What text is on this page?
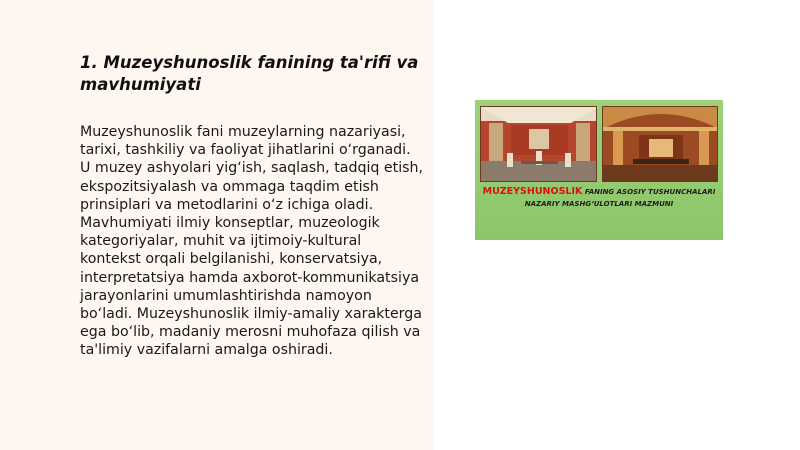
1. Muzeyshunoslik fanining ta'rifi va mavhumiyati

Muzeyshunoslik fani muzeylarning nazariyasi, tarixi, tashkiliy va faoliyat jihatlarini o‘rganadi. U muzey ashyolari yig‘ish, saqlash, tadqiq etish, ekspozitsiyalash va ommaga taqdim etish prinsiplari va metodlarini o‘z ichiga oladi. Mavhumiyati ilmiy konseptlar, muzeologik kategoriyalar, muhit va ijtimoiy-kultural kontekst orqali belgilanishi, konservatsiya, interpretatsiya hamda axborot-kommunikatsiya jarayonlarini umumlashtirishda namoyon bo‘ladi. Muzeyshunoslik ilmiy-amaliy xarakterga ega bo‘lib, madaniy merosni muhofaza qilish va ta'limiy vazifalarni amalga oshiradi.

MUZEYSHUNOSLIK FANING ASOSIY TUSHUNCHALARI NAZARIY MASHG‘ULOTLARI MAZMUNI
